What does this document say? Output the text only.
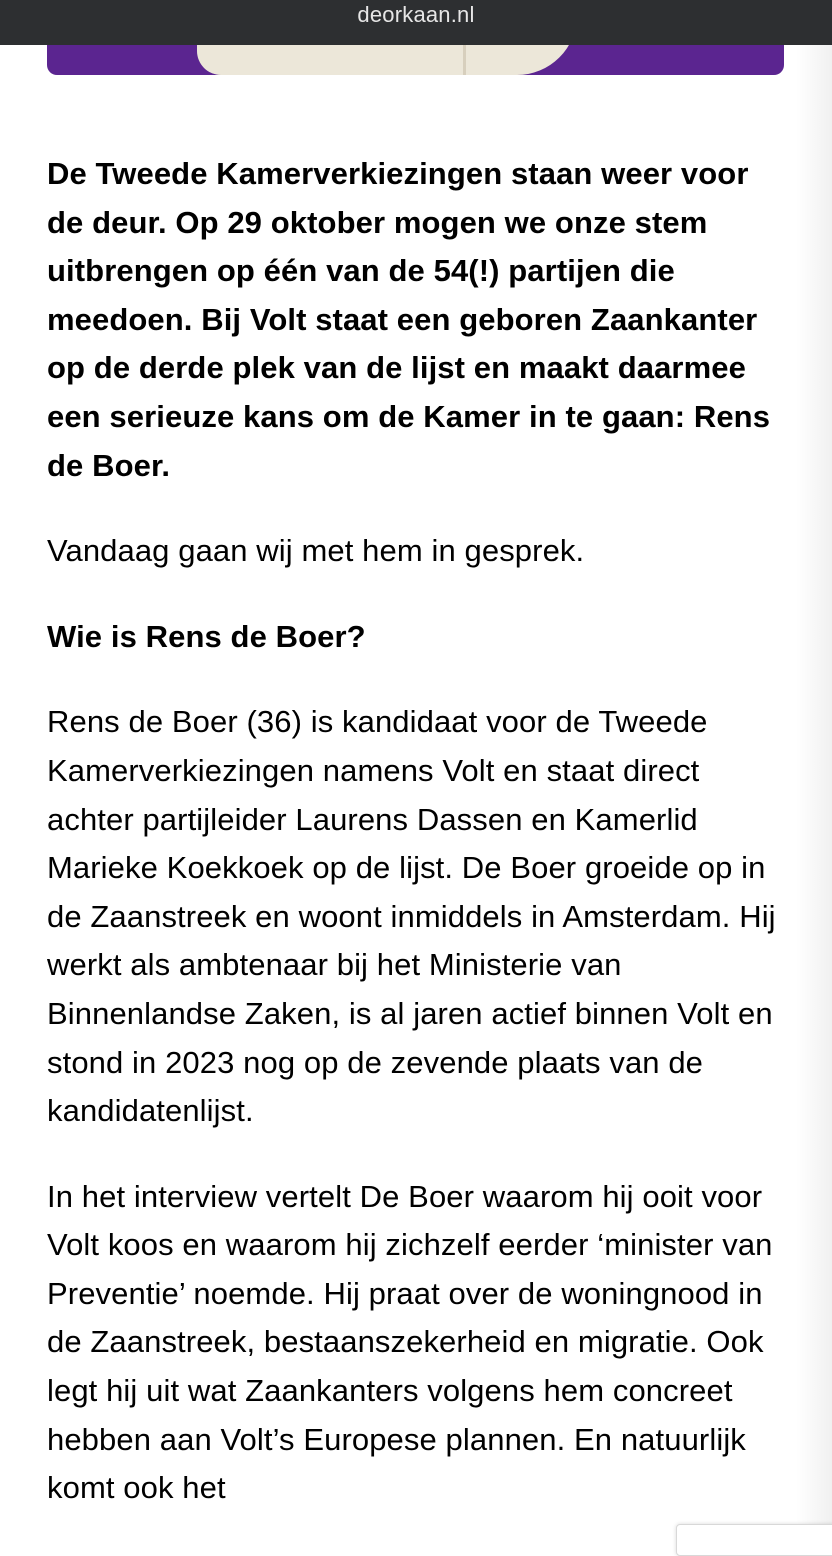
deorkaan.nl

De Tweede Kamerverkiezingen staan weer voor de deur. Op 29 oktober mogen we onze stem uitbrengen op één van de 54(!) partijen die meedoen. Bij Volt staat een geboren Zaankanter op de derde plek van de lijst en maakt daarmee een serieuze kans om de Kamer in te gaan: Rens de Boer.

Vandaag gaan wij met hem in gesprek.

Wie is Rens de Boer?

Rens de Boer (36) is kandidaat voor de Tweede Kamerverkiezingen namens Volt en staat direct achter partijleider Laurens Dassen en Kamerlid Marieke Koekkoek op de lijst. De Boer groeide op in de Zaanstreek en woont inmiddels in Amsterdam. Hij werkt als ambtenaar bij het Ministerie van Binnenlandse Zaken, is al jaren actief binnen Volt en stond in 2023 nog op de zevende plaats van de kandidatenlijst.

In het interview vertelt De Boer waarom hij ooit voor Volt koos en waarom hij zichzelf eerder ‘minister van Preventie’ noemde. Hij praat over de woningnood in de Zaanstreek, bestaanszekerheid en migratie. Ook legt hij uit wat Zaankanters volgens hem concreet hebben aan Volt’s Europese plannen. En natuurlijk komt ook het
